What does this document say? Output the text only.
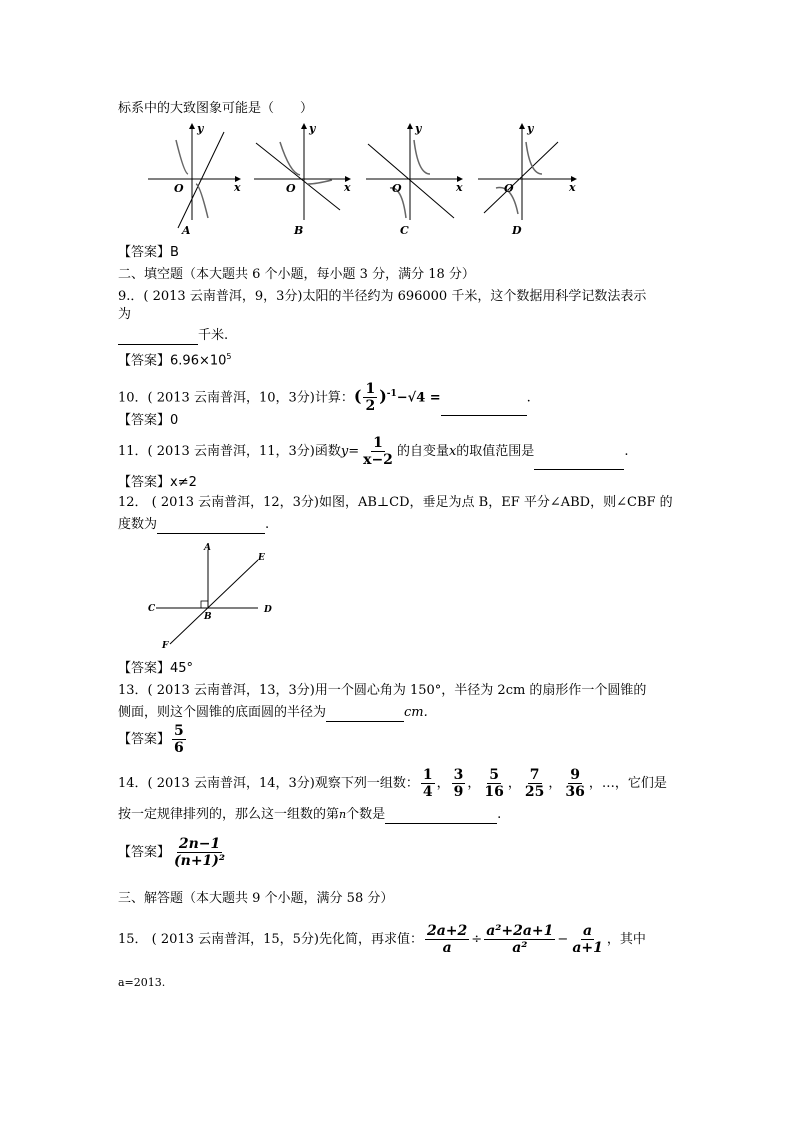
标系中的大致图象可能是（　　）
O	x
y
A
O	x
y
B
O	x
y
C
O	x
y
D
【答案】B
二、填空题（本大题共 6 个小题，每小题 3 分，满分 18 分）
9.．( 2013 云南普洱，9，3分)太阳的半径约为 696000 千米，这个数据用科学记数法表示
为
千米.
【答案】$6.96\times 10^5$
10．( 2013 云南普洱，10，3分)计算：( $\frac{1}{2} )^{-1}-√4$ =	.
【答案】0
11．( 2013 云南普洱，11，3分)函数$y= \frac{1}{x-2}$ 的自变量x的取值范围是	.
【答案】x≠2
12． ( 2013 云南普洱，12，3分)如图，AB⊥CD，垂足为点 B，EF 平分∠ABD，则∠CBF 的
度数为	.
A
B
C	D
E
F
【答案】45°
13．( 2013 云南普洱，13，3分)用一个圆心角为 150°，半径为 2cm 的扇形作一个圆锥的
侧面，则这个圆锥的底面圆的半径为	cm.
【答案】 $\frac{5}{6}$
14．( 2013 云南普洱，14，3分)观察下列一组数： $\frac{1}{4}$ ， $\frac{3}{9}$ ， $\frac{5}{16}$ ， $\frac{7}{25}$ ， $\frac{9}{36}$ ，…，它们是
按一定规律排列的，那么这一组数的第n个数是	.
【答案】 $\frac{2n-1}{\text{(n+1)²}}$
三、解答题（本大题共 9 个小题，满分 58 分）
15． ( 2013 云南普洱，15，5分)先化简，再求值： $\frac{2a+2}{a} \div \frac{\text{a²+2a+1}}{\text{a²}} - \frac{a}{a+1}$ ，其中
a=2013.
